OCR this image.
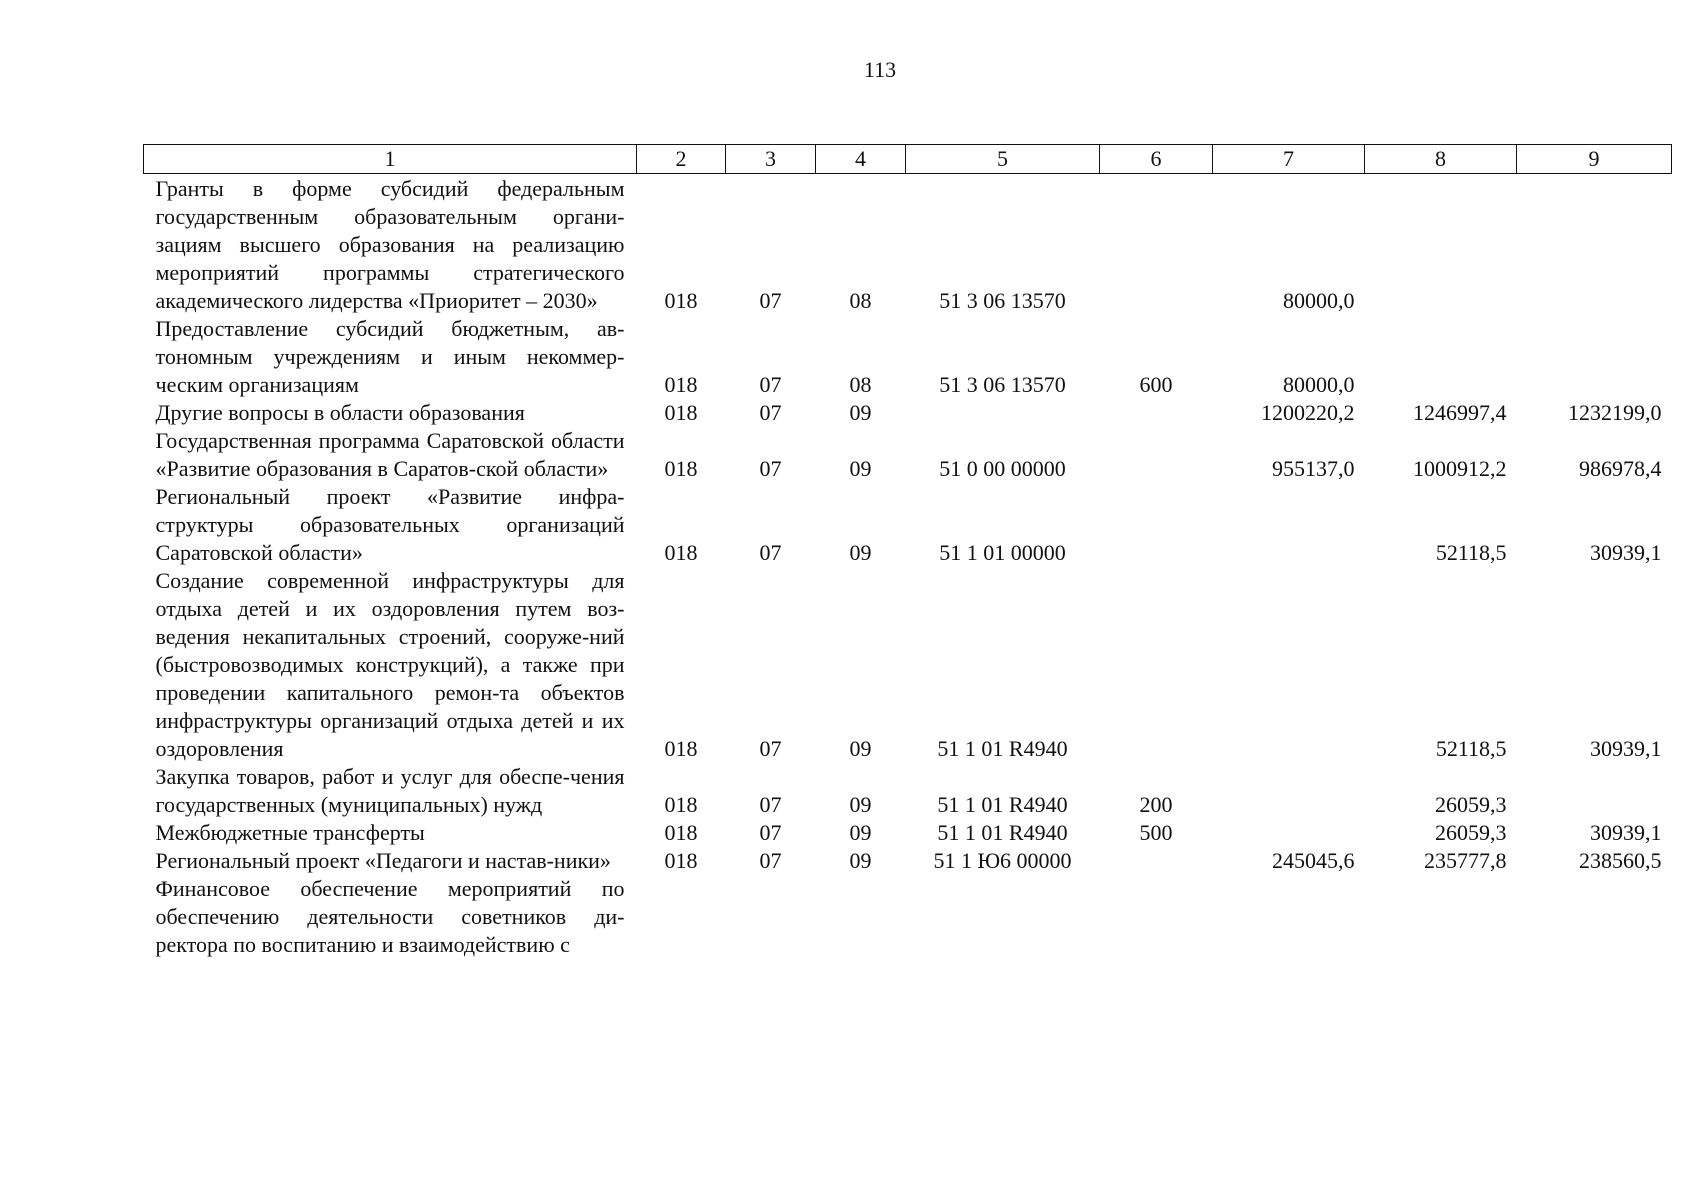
113
1	2	3	4	5	6	7	8	9
Гранты в форме субсидий федеральным государственным образовательным органи-зациям высшего образования на реализацию мероприятий программы стратегического академического лидерства «Приоритет – 2030»	018	07	08	51 3 06 13570		80000,0		
Предоставление субсидий бюджетным, ав-тономным учреждениям и иным некоммер-ческим организациям	018	07	08	51 3 06 13570	600	80000,0		
Другие вопросы в области образования	018	07	09			1200220,2	1246997,4	1232199,0
Государственная программа Саратовской области «Развитие образования в Саратов-ской области»	018	07	09	51 0 00 00000		955137,0	1000912,2	986978,4
Региональный проект «Развитие инфра-структуры образовательных организаций Саратовской области»	018	07	09	51 1 01 00000			52118,5	30939,1
Создание современной инфраструктуры для отдыха детей и их оздоровления путем воз-ведения некапитальных строений, сооруже-ний (быстровозводимых конструкций), а также при проведении капитального ремон-та объектов инфраструктуры организаций отдыха детей и их оздоровления	018	07	09	51 1 01 R4940			52118,5	30939,1
Закупка товаров, работ и услуг для обеспе-чения государственных (муниципальных) нужд	018	07	09	51 1 01 R4940	200		26059,3	
Межбюджетные трансферты	018	07	09	51 1 01 R4940	500		26059,3	30939,1
Региональный проект «Педагоги и настав-ники»	018	07	09	51 1 Ю6 00000		245045,6	235777,8	238560,5
Финансовое обеспечение мероприятий по обеспечению деятельности советников ди-ректора по воспитанию и взаимодействию с								
